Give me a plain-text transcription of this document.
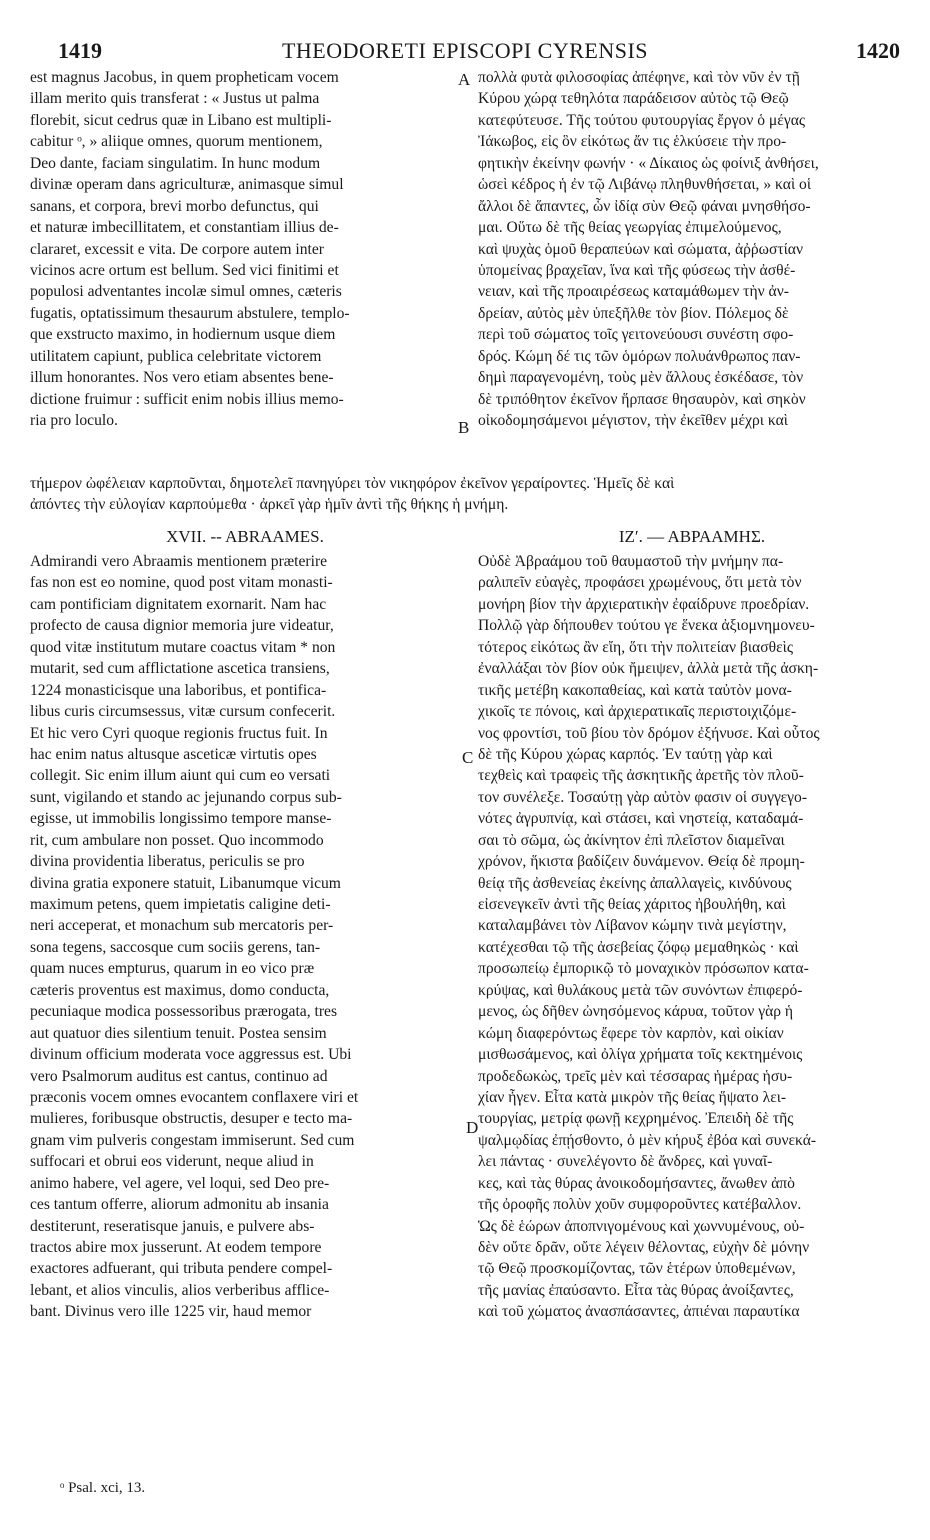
1419	THEODORETI EPISCOPI CYRENSIS	1420
est magnus Jacobus, in quem propheticam vocem
illam merito quis transferat : « Justus ut palma
florebit, sicut cedrus quæ in Libano est multipli-
cabitur ᵒ, » aliique omnes, quorum mentionem,
Deo dante, faciam singulatim. In hunc modum
divinæ operam dans agriculturæ, animasque simul
sanans, et corpora, brevi morbo defunctus, qui
et naturæ imbecillitatem, et constantiam illius de-
clararet, excessit e vita. De corpore autem inter
vicinos acre ortum est bellum. Sed vici finitimi et
populosi adventantes incolæ simul omnes, cæteris
fugatis, optatissimum thesaurum abstulere, templo-
que exstructo maximo, in hodiernum usque diem
utilitatem capiunt, publica celebritate victorem
illum honorantes. Nos vero etiam absentes bene-
dictione fruimur : sufficit enim nobis illius memo-
ria pro loculo.
πολλὰ φυτὰ φιλοσοφίας ἀπέφηνε, καὶ τὸν νῦν ἐν τῇ
Κύρου χώρᾳ τεθηλότα παράδεισον αὐτὸς τῷ Θεῷ
κατεφύτευσε. Τῆς τούτου φυτουργίας ἔργον ὁ μέγας
Ἰάκωβος, εἰς ὃν εἰκότως ἄν τις ἑλκύσειε τὴν προ-
φητικὴν ἐκείνην φωνήν · « Δίκαιος ὡς φοίνιξ ἀνθήσει,
ὡσεὶ κέδρος ἡ ἐν τῷ Λιβάνῳ πληθυνθήσεται, » καὶ οἱ
ἄλλοι δὲ ἅπαντες, ὧν ἰδίᾳ σὺν Θεῷ φάναι μνησθήσο-
μαι. Οὕτω δὲ τῆς θείας γεωργίας ἐπιμελούμενος,
καὶ ψυχὰς ὁμοῦ θεραπεύων καὶ σώματα, ἀῤῥωστίαν
ὑπομείνας βραχεῖαν, ἵνα καὶ τῆς φύσεως τὴν ἀσθέ-
νειαν, καὶ τῆς προαιρέσεως καταμάθωμεν τὴν ἀν-
δρείαν, αὐτὸς μὲν ὑπεξῆλθε τὸν βίον. Πόλεμος δὲ
περὶ τοῦ σώματος τοῖς γειτονεύουσι συνέστη σφο-
δρός. Κώμη δέ τις τῶν ὁμόρων πολυάνθρωπος παν-
δημὶ παραγενομένη, τοὺς μὲν ἄλλους ἐσκέδασε, τὸν
δὲ τριπόθητον ἐκεῖνον ἥρπασε θησαυρὸν, καὶ σηκὸν
οἰκοδομησάμενοι μέγιστον, τὴν ἐκεῖθεν μέχρι καὶ
τήμερον ὠφέλειαν καρποῦνται, δημοτελεῖ πανηγύρει τὸν νικηφόρον ἐκεῖνον γεραίροντες. Ἡμεῖς δὲ καὶ
ἀπόντες τὴν εὐλογίαν καρπούμεθα · ἀρκεῖ γὰρ ἡμῖν ἀντὶ τῆς θήκης ἡ μνήμη.
XVII. -- ABRAAMES.	ΙΖʹ. — ΑΒΡΑΑΜΗΣ.
Admirandi vero Abraamis mentionem præterire
fas non est eo nomine, quod post vitam monasti-
cam pontificiam dignitatem exornarit. Nam hac
profecto de causa dignior memoria jure videatur,
quod vitæ institutum mutare coactus vitam * non
mutarit, sed cum afflictatione ascetica transiens,
1224 monasticisque una laboribus, et pontifica-
libus curis circumsessus, vitæ cursum confecerit.
Et hic vero Cyri quoque regionis fructus fuit. In
hac enim natus altusque asceticæ virtutis opes
collegit. Sic enim illum aiunt qui cum eo versati
sunt, vigilando et stando ac jejunando corpus sub-
egisse, ut immobilis longissimo tempore manse-
rit, cum ambulare non posset. Quo incommodo
divina providentia liberatus, periculis se pro
divina gratia exponere statuit, Libanumque vicum
maximum petens, quem impietatis caligine deti-
neri acceperat, et monachum sub mercatoris per-
sona tegens, saccosque cum sociis gerens, tan-
quam nuces empturus, quarum in eo vico præ
cæteris proventus est maximus, domo conducta,
pecuniaque modica possessoribus prærogata, tres
aut quatuor dies silentium tenuit. Postea sensim
divinum officium moderata voce aggressus est. Ubi
vero Psalmorum auditus est cantus, continuo ad
præconis vocem omnes evocantem conflaxere viri et
mulieres, foribusque obstructis, desuper e tecto ma-
gnam vim pulveris congestam immiserunt. Sed cum
suffocari et obrui eos viderunt, neque aliud in
animo habere, vel agere, vel loqui, sed Deo pre-
ces tantum offerre, aliorum admonitu ab insania
destiterunt, reseratisque januis, e pulvere abs-
tractos abire mox jusserunt. At eodem tempore
exactores adfuerant, qui tributa pendere compel-
lebant, et alios vinculis, alios verberibus afflice-
bant. Divinus vero ille 1225 vir, haud memor
Οὐδὲ Ἀβραάμου τοῦ θαυμαστοῦ τὴν μνήμην πα-
ραλιπεῖν εὐαγὲς, προφάσει χρωμένους, ὅτι μετὰ τὸν
μονήρη βίον τὴν ἀρχιερατικὴν ἐφαίδρυνε προεδρίαν.
Πολλῷ γὰρ δήπουθεν τούτου γε ἕνεκα ἀξιομνημονευ-
τότερος εἰκότως ἂν εἴη, ὅτι τὴν πολιτείαν βιασθεὶς
ἐναλλάξαι τὸν βίον οὐκ ἤμειψεν, ἀλλὰ μετὰ τῆς ἀσκη-
τικῆς μετέβη κακοπαθείας, καὶ κατὰ ταὐτὸν μονα-
χικοῖς τε πόνοις, καὶ ἀρχιερατικαῖς περιστοιχιζόμε-
νος φροντίσι, τοῦ βίου τὸν δρόμον ἐξήνυσε. Καὶ οὗτος
δὲ τῆς Κύρου χώρας καρπός. Ἐν ταύτῃ γὰρ καὶ
τεχθεὶς καὶ τραφεὶς τῆς ἀσκητικῆς ἀρετῆς τὸν πλοῦ-
τον συνέλεξε. Τοσαύτῃ γὰρ αὐτὸν φασιν οἱ συγγεγο-
νότες ἀγρυπνίᾳ, καὶ στάσει, καὶ νηστείᾳ, καταδαμά-
σαι τὸ σῶμα, ὡς ἀκίνητον ἐπὶ πλεῖστον διαμεῖναι
χρόνον, ἥκιστα βαδίζειν δυνάμενον. Θείᾳ δὲ προμη-
θείᾳ τῆς ἀσθενείας ἐκείνης ἀπαλλαγεὶς, κινδύνους
εἰσενεγκεῖν ἀντὶ τῆς θείας χάριτος ἠβουλήθη, καὶ
καταλαμβάνει τὸν Λίβανον κώμην τινὰ μεγίστην,
κατέχεσθαι τῷ τῆς ἀσεβείας ζόφῳ μεμαθηκὼς · καὶ
προσωπείῳ ἐμπορικῷ τὸ μοναχικὸν πρόσωπον κατα-
κρύψας, καὶ θυλάκους μετὰ τῶν συνόντων ἐπιφερό-
μενος, ὡς δῆθεν ὠνησόμενος κάρυα, τοῦτον γὰρ ἡ
κώμη διαφερόντως ἔφερε τὸν καρπὸν, καὶ οἰκίαν
μισθωσάμενος, καὶ ὀλίγα χρήματα τοῖς κεκτημένοις
προδεδωκὼς, τρεῖς μὲν καὶ τέσσαρας ἡμέρας ἡσυ-
χίαν ἦγεν. Εἶτα κατὰ μικρὸν τῆς θείας ἥψατο λει-
τουργίας, μετρίᾳ φωνῇ κεχρημένος. Ἐπειδὴ δὲ τῆς
ψαλμῳδίας ἐπῄσθοντο, ὁ μὲν κήρυξ ἐβόα καὶ συνεκά-
λει πάντας · συνελέγοντο δὲ ἄνδρες, καὶ γυναῖ-
κες, καὶ τὰς θύρας ἀνοικοδομήσαντες, ἄνωθεν ἀπὸ
τῆς ὀροφῆς πολὺν χοῦν συμφοροῦντες κατέβαλλον.
Ὡς δὲ ἑώρων ἀποπνιγομένους καὶ χωννυμένους, οὐ-
δὲν οὔτε δρᾶν, οὔτε λέγειν θέλοντας, εὐχὴν δὲ μόνην
τῷ Θεῷ προσκομίζοντας, τῶν ἑτέρων ὑποθεμένων,
τῆς μανίας ἐπαύσαντο. Εἶτα τὰς θύρας ἀνοίξαντες,
καὶ τοῦ χώματος ἀνασπάσαντες, ἀπιέναι παραυτίκα
A
B
C
D
ᵒ Psal. xci, 13.
